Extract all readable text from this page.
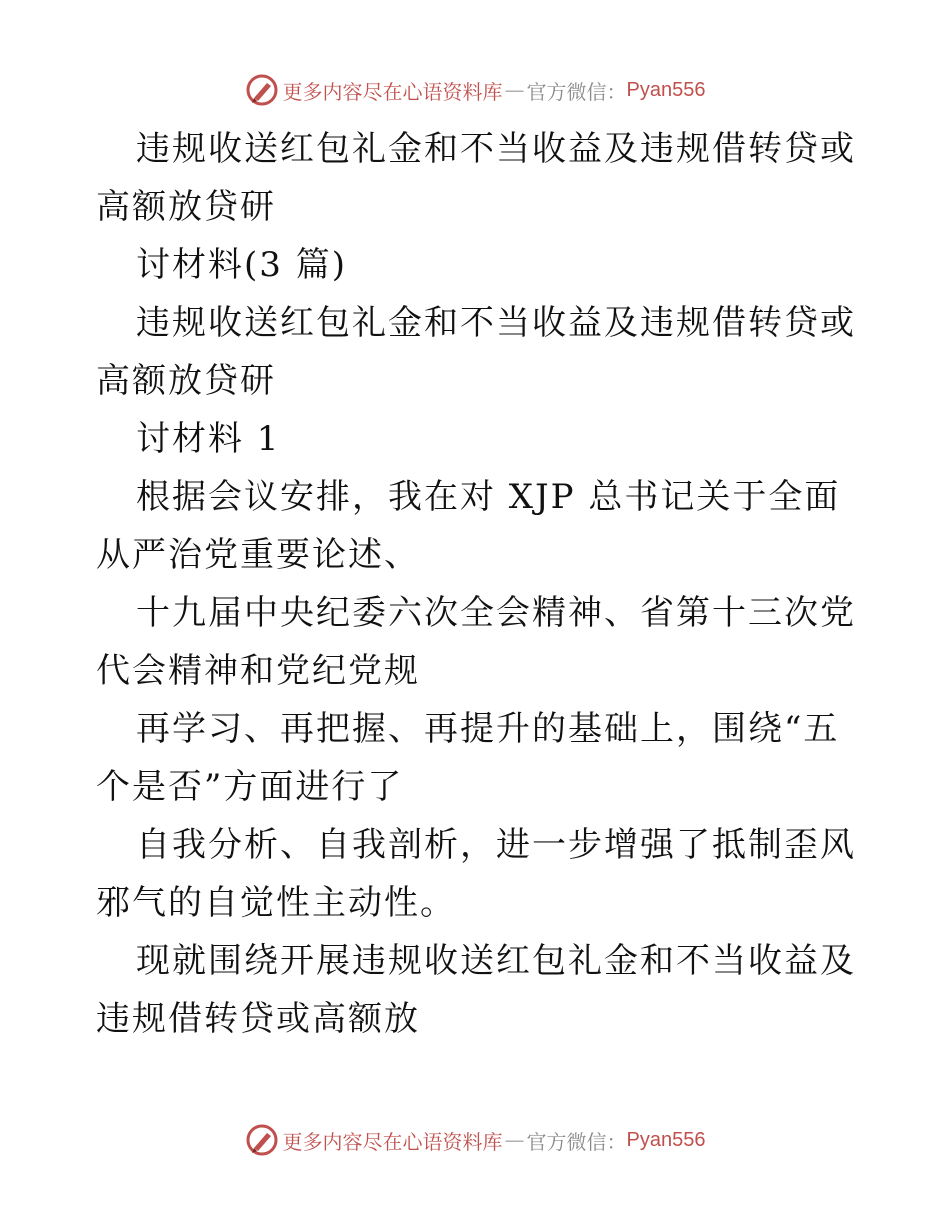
更多内容尽在心语资料库 — 官方微信： Pyan556

违规收送红包礼金和不当收益及违规借转贷或高额放贷研

讨材料(3 篇)

违规收送红包礼金和不当收益及违规借转贷或高额放贷研

讨材料 1

根据会议安排，我在对 XJP 总书记关于全面从严治党重要论述、

十九届中央纪委六次全会精神、省第十三次党代会精神和党纪党规

再学习、再把握、再提升的基础上，围绕“五个是否”方面进行了

自我分析、自我剖析，进一步增强了抵制歪风邪气的自觉性主动性。

现就围绕开展违规收送红包礼金和不当收益及违规借转贷或高额放

更多内容尽在心语资料库 — 官方微信： Pyan556
